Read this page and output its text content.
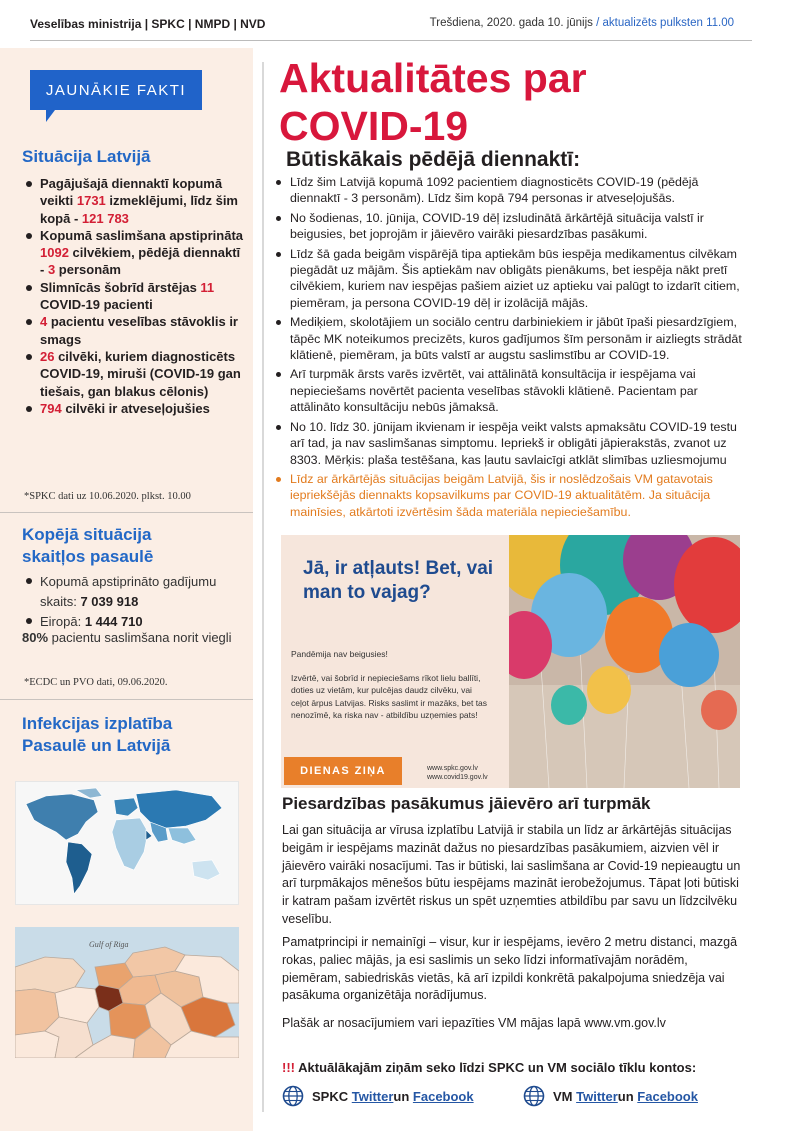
Veselības ministrija | SPKC | NMPD | NVD	Trešdiena, 2020. gada 10. jūnijs / aktualizēts pulksten 11.00
JAUNĀKIE FAKTI
Situācija Latvijā
Pagājušajā diennaktī kopumā veikti 1731 izmeklējumi, līdz šim kopā - 121 783
Kopumā saslimšana apstiprināta 1092 cilvēkiem, pēdējā diennaktī - 3 personām
Slimnīcās šobrīd ārstējas 11 COVID-19 pacienti
4 pacientu veselības stāvoklis ir smags
26 cilvēki, kuriem diagnosticēts COVID-19, miruši (COVID-19 gan tiešais, gan blakus cēlonis)
794 cilvēki ir atveseļojušies
*SPKC dati uz 10.06.2020. plkst. 10.00
Kopējā situācija
skaitļos pasaulē
Kopumā apstiprināto gadījumu skaits: 7 039 918
Eiropā: 1 444 710
80% pacientu saslimšana norit viegli
*ECDC un PVO dati, 09.06.2020.
Infekcijas izplatība
Pasaulē un Latvijā
Gulf of Riga
Aktualitātes par
COVID-19
Būtiskākais pēdējā diennaktī:
Līdz šim Latvijā kopumā 1092 pacientiem diagnosticēts COVID-19 (pēdējā diennaktī - 3 personām). Līdz šim kopā 794 personas ir atveseļojušās.
No šodienas, 10. jūnija, COVID-19 dēļ izsludinātā ārkārtējā situācija valstī ir beigusies, bet joprojām ir jāievēro vairāki piesardzības pasākumi.
Līdz šā gada beigām vispārējā tipa aptiekām būs iespēja medikamentus cilvēkam piegādāt uz mājām. Šis aptiekām nav obligāts pienākums, bet iespēja nākt pretī cilvēkiem, kuriem nav iespējas pašiem aiziet uz aptieku vai palūgt to izdarīt citiem, piemēram, ja persona COVID-19 dēļ ir izolācijā mājās.
Mediķiem, skolotājiem un sociālo centru darbiniekiem ir jābūt īpaši piesardzīgiem, tāpēc MK noteikumos precizēts, kuros gadījumos šīm personām ir aizliegts strādāt klātienē, piemēram, ja būts valstī ar augstu saslimstību ar COVID-19.
Arī turpmāk ārsts varēs izvērtēt, vai attālinātā konsultācija ir iespējama vai nepieciešams novērtēt pacienta veselības stāvokli klātienē. Pacientam par attālināto konsultāciju nebūs jāmaksā.
No 10. līdz 30. jūnijam ikvienam ir iespēja veikt valsts apmaksātu COVID-19 testu arī tad, ja nav saslimšanas simptomu. Iepriekš ir obligāti jāpierakstās, zvanot uz 8303. Mērķis: plaša testēšana, kas ļautu savlaicīgi atklāt slimības uzliesmojumu
Līdz ar ārkārtējās situācijas beigām Latvijā, šis ir noslēdzošais VM gatavotais iepriekšējās diennakts kopsavilkums par COVID-19 aktualitātēm. Ja situācija mainīsies, atkārtoti izvērtēsim šāda materiāla nepieciešamību.
Jā, ir atļauts! Bet, vai man to vajag?
Pandēmija nav beigusies!
Izvērtē, vai šobrīd ir nepieciešams rīkot lielu ballīti, doties uz vietām, kur pulcējas daudz cilvēku, vai ceļot ārpus Latvijas. Risks saslimt ir mazāks, bet tas nenozīmē, ka riska nav - atbildību uzņemies pats!
DIENAS ZIŅA	www.spkc.gov.lv
www.covid19.gov.lv
Piesardzības pasākumus jāievēro arī turpmāk
Lai gan situācija ar vīrusa izplatību Latvijā ir stabila un līdz ar ārkārtējās situācijas beigām ir iespējams mazināt dažus no piesardzības pasākumiem, aizvien vēl ir jāievēro vairāki nosacījumi. Tas ir būtiski, lai saslimšana ar Covid-19 nepieaugtu un arī turpmākajos mēnešos būtu iespējams mazināt ierobežojumus. Tāpat ļoti būtiski ir katram pašam izvērtēt riskus un spēt uzņemties atbildību par savu un līdzcilvēku veselību.
Pamatprincipi ir nemainīgi – visur, kur ir iespējams, ievēro 2 metru distanci, mazgā rokas, paliec mājās, ja esi saslimis un seko līdzi informatīvajām norādēm, piemēram, sabiedriskās vietās, kā arī izpildi konkrētā pakalpojuma sniedzēja vai pasākuma organizētāja norādījumus.
Plašāk ar nosacījumiem vari iepazīties VM mājas lapā www.vm.gov.lv
!!! Aktuālākajām ziņām seko līdzi SPKC un VM sociālo tīklu kontos:
SPKC
Twitter un
Facebook	VM
Twitter un
Facebook
